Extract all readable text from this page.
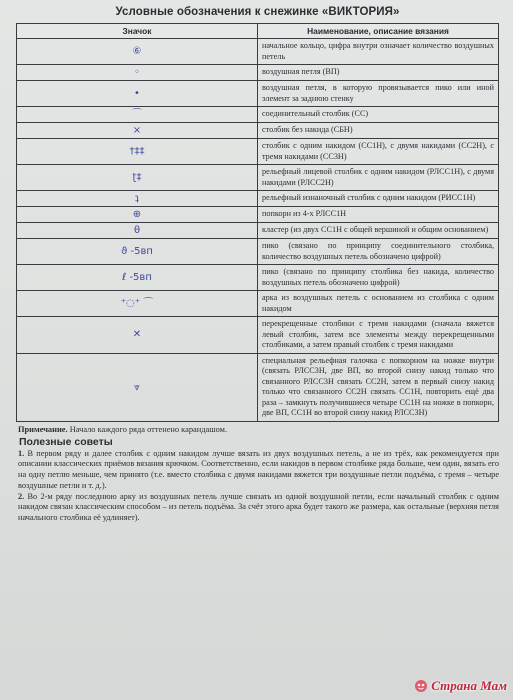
Условные обозначения к снежинке «ВИКТОРИЯ»
Значок	Наименование, описание вязания
⑥	начальное кольцо, цифра внутри означает количество воздушных петель
◦	воздушная петля (ВП)
•	воздушная петля, в которую провязывается пико или иной элемент за заднюю стенку
⌒	соединительный столбик (СС)
×	столбик без накида (СБН)
†‡‡	столбик с одним накидом (СС1Н), с двумя накидами (СС2Н), с тремя накидами (СС3Н)
ʈ‡	рельефный лицевой столбик с одним накидом (РЛСС1Н), с двумя накидами (РЛСС2Н)
ʇ	рельефный изнаночный столбик с одним накидом (РИСС1Н)
⊕	попкорн из 4-х РЛСС1Н
θ	кластер (из двух СС1Н с общей вершиной и общим основанием)
ϑ -5вп	пико (связано по принципу соединительного столбика, количество воздушных петель обозначено цифрой)
ℓ -5вп	пико (связано по принципу столбика без накида, количество воздушных петель обозначено цифрой)
⁺◌⁺ ⌒	арка из воздушных петель с основанием из столбика с одним накидом
✕	перекрещенные столбики с тремя накидами (сначала вяжется левый столбик, затем все элементы между перекрещенными столбиками, а затем правый столбик с тремя накидами
⩔	специальная рельефная галочка с попкорном на ножке внутри (связать РЛСС3Н, две ВП, во второй снизу накид только что связанного РЛСС3Н связать СС2Н, затем в первый снизу накид только что связанного СС2Н связать СС1Н, повторить ещё два раза – замкнуть получившиеся четыре СС1Н на ножке в попкорн, две ВП, СС1Н во второй снизу накид РЛСС3Н)
Примечание. Начало каждого ряда оттенено карандашом.
Полезные советы
1. В первом ряду и далее столбик с одним накидом лучше вязать из двух воздушных петель, а не из трёх, как рекомендуется при описании классических приёмов вязания крючком. Соответственно, если накидов в первом столбике ряда больше, чем один, вязать его на одну петлю меньше, чем принято (т.е. вместо столбика с двумя накидами вяжется три воздушные петли подъёма, с тремя – четыре воздушные петли и т. д.).
2. Во 2-м ряду последнюю арку из воздушных петель лучше связать из одной воздушной петли, если начальный столбик с одним накидом связан классическим способом – из петель подъёма. За счёт этого арка будет такого же размера, как остальные (верхняя петля начального столбика её удлиняет).
Страна Мам
